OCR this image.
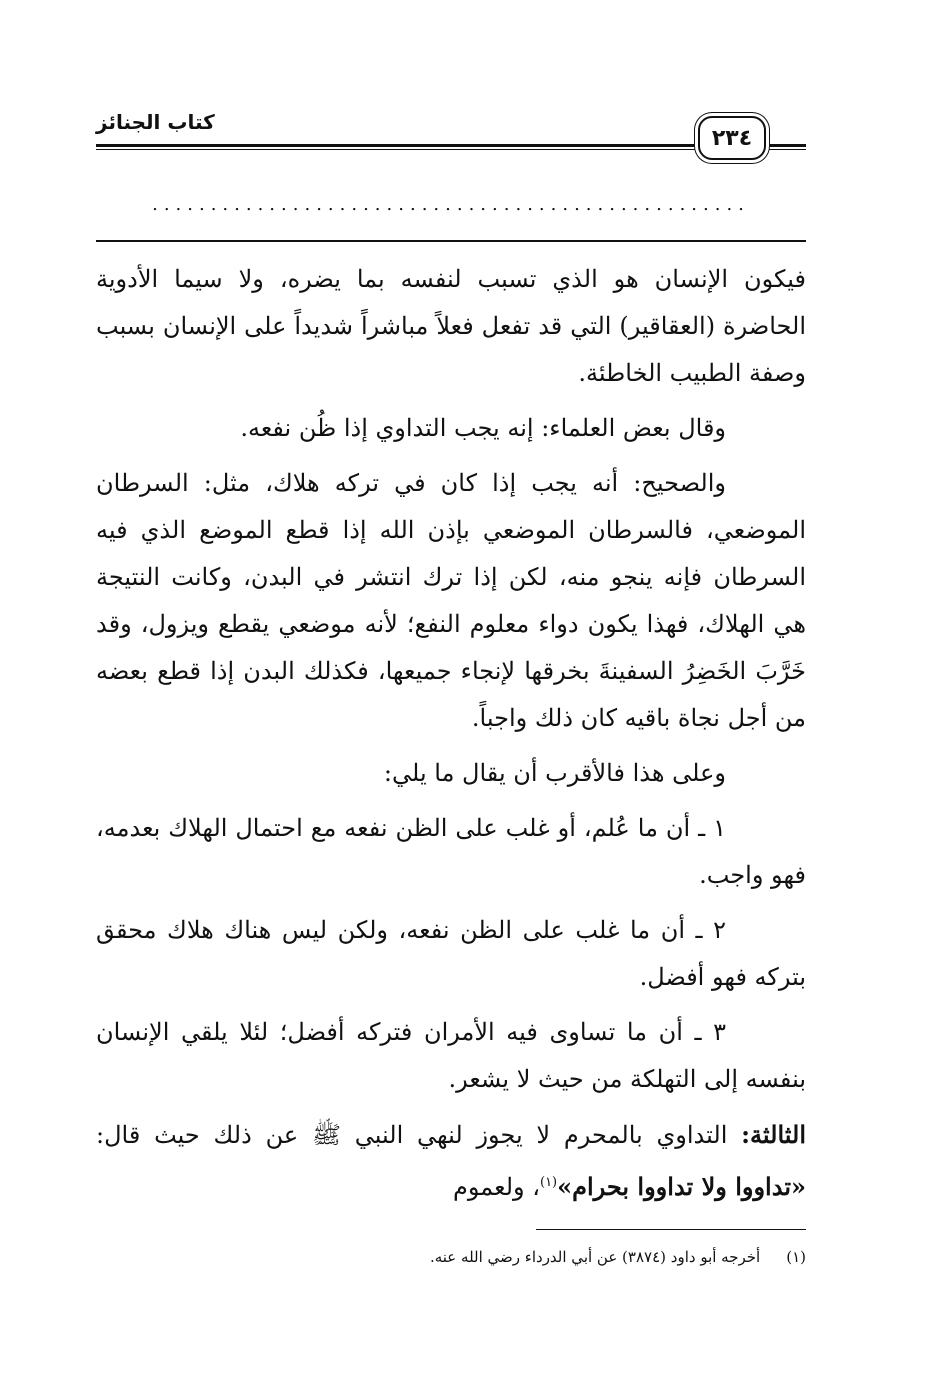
كتاب الجنائز
٢٣٤
...................................................

فيكون الإنسان هو الذي تسبب لنفسه بما يضره، ولا سيما الأدوية الحاضرة (العقاقير) التي قد تفعل فعلاً مباشراً شديداً على الإنسان بسبب وصفة الطبيب الخاطئة.

وقال بعض العلماء: إنه يجب التداوي إذا ظُن نفعه.

والصحيح: أنه يجب إذا كان في تركه هلاك، مثل: السرطان الموضعي، فالسرطان الموضعي بإذن الله إذا قطع الموضع الذي فيه السرطان فإنه ينجو منه، لكن إذا ترك انتشر في البدن، وكانت النتيجة هي الهلاك، فهذا يكون دواء معلوم النفع؛ لأنه موضعي يقطع ويزول، وقد خَرَّبَ الخَضِرُ السفينةَ بخرقها لإنجاء جميعها، فكذلك البدن إذا قطع بعضه من أجل نجاة باقيه كان ذلك واجباً.

وعلى هذا فالأقرب أن يقال ما يلي:

١ ـ أن ما عُلم، أو غلب على الظن نفعه مع احتمال الهلاك بعدمه، فهو واجب.

٢ ـ أن ما غلب على الظن نفعه، ولكن ليس هناك هلاك محقق بتركه فهو أفضل.

٣ ـ أن ما تساوى فيه الأمران فتركه أفضل؛ لئلا يلقي الإنسان بنفسه إلى التهلكة من حيث لا يشعر.

الثالثة: التداوي بالمحرم لا يجوز لنهي النبي ﷺ عن ذلك حيث قال: «تداووا ولا تداووا بحرام»$^{(١)}$، ولعموم

(١)
أخرجه أبو داود (٣٨٧٤) عن أبي الدرداء رضي الله عنه.
